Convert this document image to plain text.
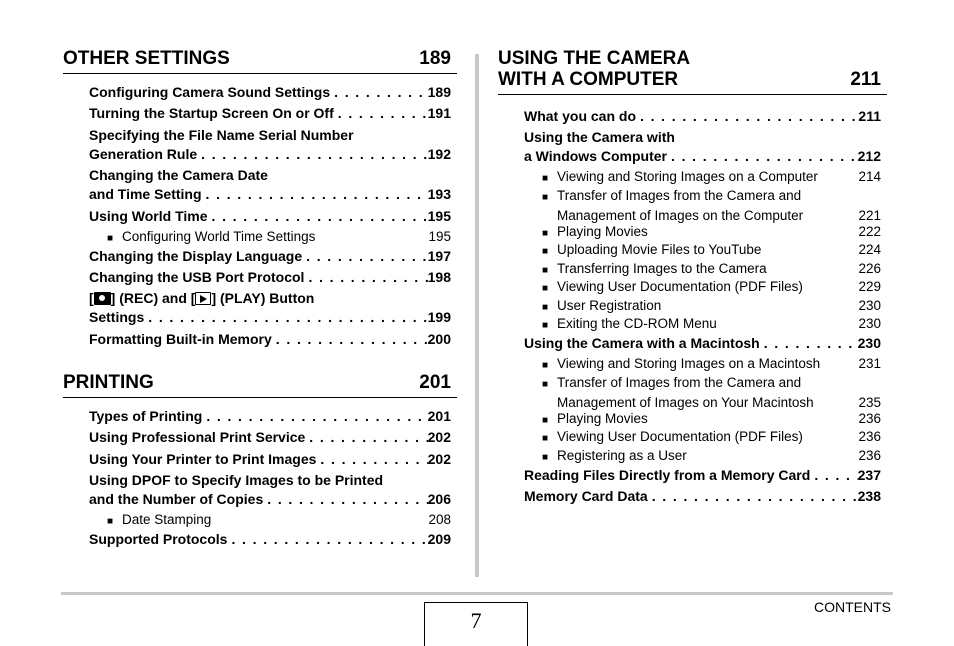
OTHER SETTINGS	189
Configuring Camera Sound Settings . . .	189
Turning the Startup Screen On or Off . . .	191
Specifying the File Name Serial Number
Generation Rule . . .	192
Changing the Camera Date
and Time Setting . . .	193
Using World Time . . .	195
■ Configuring World Time Settings	195
Changing the Display Language . . .	197
Changing the USB Port Protocol . . .	198
[ ] (REC) and [ ] (PLAY) Button
Settings . . .	199
Formatting Built-in Memory . . .	200
PRINTING	201
Types of Printing . . .	201
Using Professional Print Service . . .	202
Using Your Printer to Print Images . . .	202
Using DPOF to Specify Images to be Printed
and the Number of Copies . . .	206
■ Date Stamping	208
Supported Protocols . . .	209
USING THE CAMERA
WITH A COMPUTER	211
What you can do . . .	211
Using the Camera with
a Windows Computer . . .	212
■ Viewing and Storing Images on a Computer	214
■ Transfer of Images from the Camera and
Management of Images on the Computer	221
■ Playing Movies	222
■ Uploading Movie Files to YouTube	224
■ Transferring Images to the Camera	226
■ Viewing User Documentation (PDF Files)	229
■ User Registration	230
■ Exiting the CD-ROM Menu	230
Using the Camera with a Macintosh . . .	230
■ Viewing and Storing Images on a Macintosh	231
■ Transfer of Images from the Camera and
Management of Images on Your Macintosh	235
■ Playing Movies	236
■ Viewing User Documentation (PDF Files)	236
■ Registering as a User	236
Reading Files Directly from a Memory Card . . .	237
Memory Card Data . . .	238
7
CONTENTS
